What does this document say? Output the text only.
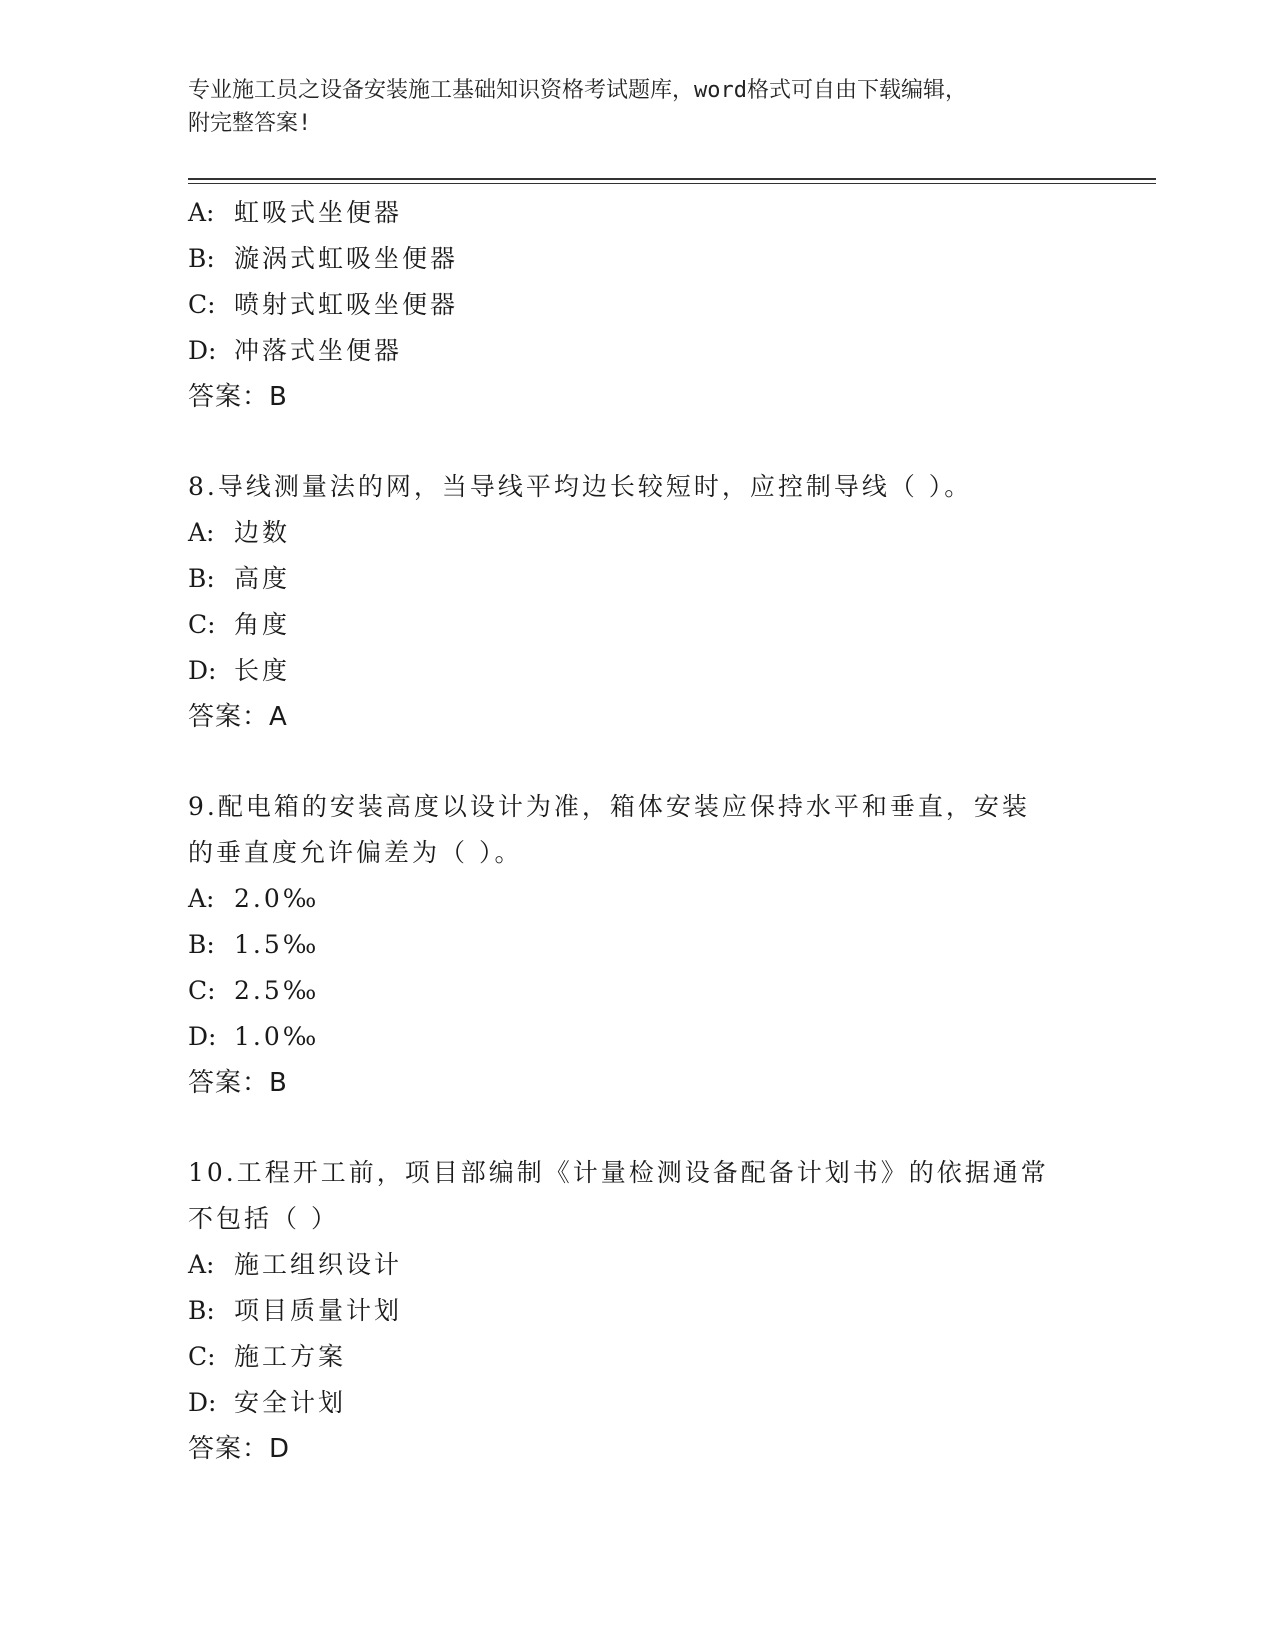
专业施工员之设备安装施工基础知识资格考试题库，word格式可自由下载编辑，
附完整答案!
A: 虹吸式坐便器
B: 漩涡式虹吸坐便器
C: 喷射式虹吸坐便器
D: 冲落式坐便器
答案：B
8.导线测量法的网，当导线平均边长较短时，应控制导线（ ）。
A: 边数
B: 高度
C: 角度
D: 长度
答案：A
9.配电箱的安装高度以设计为准，箱体安装应保持水平和垂直，安装
的垂直度允许偏差为（ ）。
A: 2.0‰
B: 1.5‰
C: 2.5‰
D: 1.0‰
答案：B
10.工程开工前，项目部编制《计量检测设备配备计划书》的依据通常
不包括（ ）
A: 施工组织设计
B: 项目质量计划
C: 施工方案
D: 安全计划
答案：D
